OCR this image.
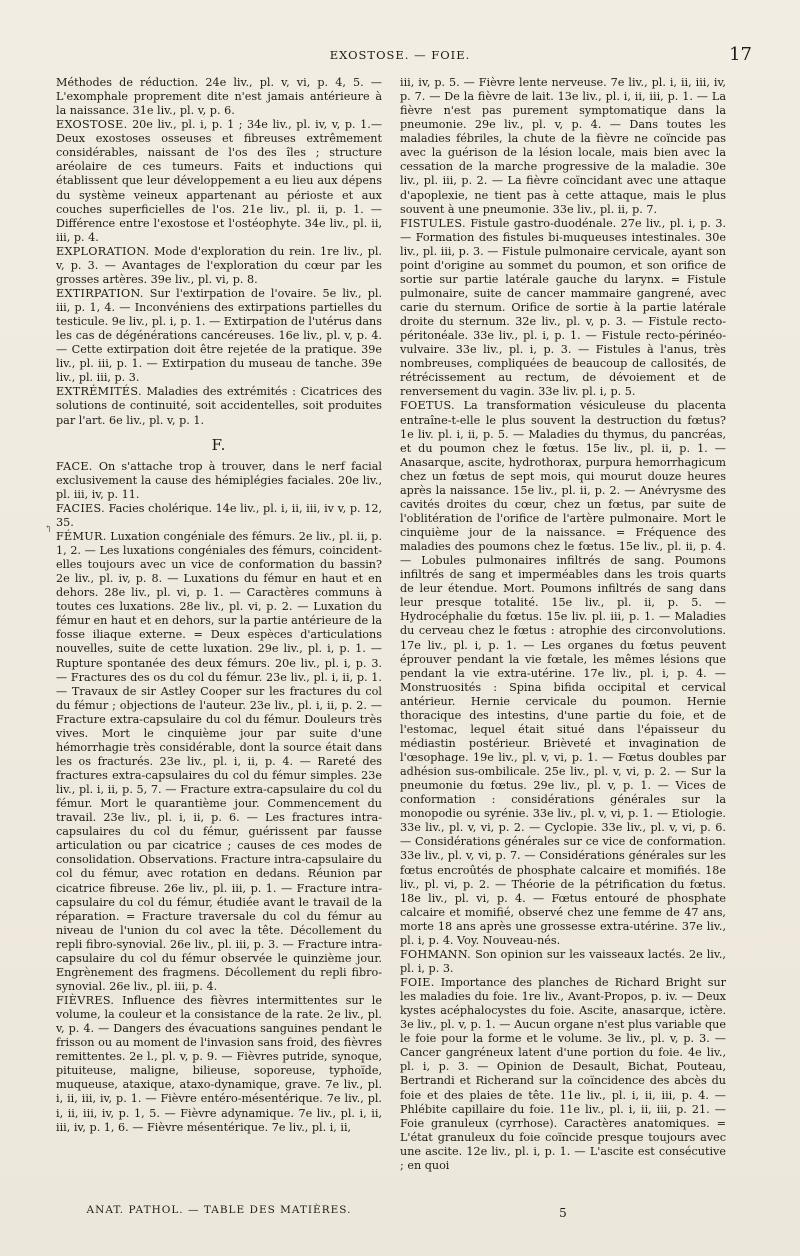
EXOSTOSE. — FOIE.	17

Méthodes de réduction. 24e liv., pl. v, vi, p. 4, 5. — L'exomphale proprement dite n'est jamais antérieure à la naissance. 31e liv., pl. v, p. 6.

EXOSTOSE. 20e liv., pl. i, p. 1 ; 34e liv., pl. iv, v, p. 1.— Deux exostoses osseuses et fibreuses extrêmement considérables, naissant de l'os des îles ; structure aréolaire de ces tumeurs. Faits et inductions qui établissent que leur développement a eu lieu aux dépens du système veineux appartenant au périoste et aux couches superficielles de l'os. 21e liv., pl. ii, p. 1. — Différence entre l'exostose et l'ostéophyte. 34e liv., pl. ii, iii, p. 4.

EXPLORATION. Mode d'exploration du rein. 1re liv., pl. v, p. 3. — Avantages de l'exploration du cœur par les grosses artères. 39e liv., pl. vi, p. 8.

EXTIRPATION. Sur l'extirpation de l'ovaire. 5e liv., pl. iii, p. 1, 4. — Inconvéniens des extirpations partielles du testicule. 9e liv., pl. i, p. 1. — Extirpation de l'utérus dans les cas de dégénérations cancéreuses. 16e liv., pl. v, p. 4. — Cette extirpation doit être rejetée de la pratique. 39e liv., pl. iii, p. 1. — Extirpation du museau de tanche. 39e liv., pl. iii, p. 3.

EXTRÉMITÉS. Maladies des extrémités : Cicatrices des solutions de continuité, soit accidentelles, soit produites par l'art. 6e liv., pl. v, p. 1.

F.

FACE. On s'attache trop à trouver, dans le nerf facial exclusivement la cause des hémiplégies faciales. 20e liv., pl. iii, iv, p. 11.

FACIES. Facies cholérique. 14e liv., pl. i, ii, iii, iv v, p. 12, 35.

FÉMUR. Luxation congéniale des fémurs. 2e liv., pl. ii, p. 1, 2. — Les luxations congéniales des fémurs, coincident-elles toujours avec un vice de conformation du bassin? 2e liv., pl. iv, p. 8. — Luxations du fémur en haut et en dehors. 28e liv., pl. vi, p. 1. — Caractères communs à toutes ces luxations. 28e liv., pl. vi, p. 2. — Luxation du fémur en haut et en dehors, sur la partie antérieure de la fosse iliaque externe. = Deux espèces d'articulations nouvelles, suite de cette luxation. 29e liv., pl. i, p. 1. — Rupture spontanée des deux fémurs. 20e liv., pl. i, p. 3. — Fractures des os du col du fémur. 23e liv., pl. i, ii, p. 1. — Travaux de sir Astley Cooper sur les fractures du col du fémur ; objections de l'auteur. 23e liv., pl. i, ii, p. 2. — Fracture extra-capsulaire du col du fémur. Douleurs très vives. Mort le cinquième jour par suite d'une hémorrhagie très considérable, dont la source était dans les os fracturés. 23e liv., pl. i, ii, p. 4. — Rareté des fractures extra-capsulaires du col du fémur simples. 23e liv., pl. i, ii, p. 5, 7. — Fracture extra-capsulaire du col du fémur. Mort le quarantième jour. Commencement du travail. 23e liv., pl. i, ii, p. 6. — Les fractures intra-capsulaires du col du fémur, guérissent par fausse articulation ou par cicatrice ; causes de ces modes de consolidation. Observations. Fracture intra-capsulaire du col du fémur, avec rotation en dedans. Réunion par cicatrice fibreuse. 26e liv., pl. iii, p. 1. — Fracture intra-capsulaire du col du fémur, étudiée avant le travail de la réparation. = Fracture traversale du col du fémur au niveau de l'union du col avec la tête. Décollement du repli fibro-synovial. 26e liv., pl. iii, p. 3. — Fracture intra-capsulaire du col du fémur observée le quinzième jour. Engrènement des fragmens. Décollement du repli fibro-synovial. 26e liv., pl. iii, p. 4.

FIÈVRES. Influence des fièvres intermittentes sur le volume, la couleur et la consistance de la rate. 2e liv., pl. v, p. 4. — Dangers des évacuations sanguines pendant le frisson ou au moment de l'invasion sans froid, des fièvres remittentes. 2e l., pl. v, p. 9. — Fièvres putride, synoque, pituiteuse, maligne, bilieuse, soporeuse, typhoïde, muqueuse, ataxique, ataxo-dynamique, grave. 7e liv., pl. i, ii, iii, iv, p. 1. — Fièvre entéro-mésentérique. 7e liv., pl. i, ii, iii, iv, p. 1, 5. — Fièvre adynamique. 7e liv., pl. i, ii, iii, iv, p. 1, 6. — Fièvre mésentérique. 7e liv., pl. i, ii,

iii, iv, p. 5. — Fièvre lente nerveuse. 7e liv., pl. i, ii, iii, iv, p. 7. — De la fièvre de lait. 13e liv., pl. i, ii, iii, p. 1. — La fièvre n'est pas purement symptomatique dans la pneumonie. 29e liv., pl. v, p. 4. — Dans toutes les maladies fébriles, la chute de la fièvre ne coïncide pas avec la guérison de la lésion locale, mais bien avec la cessation de la marche progressive de la maladie. 30e liv., pl. iii, p. 2. — La fièvre coïncidant avec une attaque d'apoplexie, ne tient pas à cette attaque, mais le plus souvent à une pneumonie. 33e liv., pl. ii, p. 7.

FISTULES. Fistule gastro-duodénale. 27e liv., pl. i, p. 3. — Formation des fistules bi-muqueuses intestinales. 30e liv., pl. iii, p. 3. — Fistule pulmonaire cervicale, ayant son point d'origine au sommet du poumon, et son orifice de sortie sur partie latérale gauche du larynx. = Fistule pulmonaire, suite de cancer mammaire gangrené, avec carie du sternum. Orifice de sortie à la partie latérale droite du sternum. 32e liv., pl. v, p. 3. — Fistule recto-péritonéale. 33e liv., pl. i, p. 1. — Fistule recto-périnéo-vulvaire. 33e liv., pl. i, p. 3. — Fistules à l'anus, très nombreuses, compliquées de beaucoup de callosités, de rétrécissement au rectum, de dévoiement et de renversement du vagin. 33e liv. pl. i, p. 5.

FOETUS. La transformation vésiculeuse du placenta entraîne-t-elle le plus souvent la destruction du fœtus? 1e liv. pl. i, ii, p. 5. — Maladies du thymus, du pancréas, et du poumon chez le fœtus. 15e liv., pl. ii, p. 1. — Anasarque, ascite, hydrothorax, purpura hemorrhagicum chez un fœtus de sept mois, qui mourut douze heures après la naissance. 15e liv., pl. ii, p. 2. — Anévrysme des cavités droites du cœur, chez un fœtus, par suite de l'oblitération de l'orifice de l'artère pulmonaire. Mort le cinquième jour de la naissance. = Fréquence des maladies des poumons chez le fœtus. 15e liv., pl. ii, p. 4. — Lobules pulmonaires infiltrés de sang. Poumons infiltrés de sang et imperméables dans les trois quarts de leur étendue. Mort. Poumons infiltrés de sang dans leur presque totalité. 15e liv., pl. ii, p. 5. — Hydrocéphalie du fœtus. 15e liv. pl. iii, p. 1. — Maladies du cerveau chez le fœtus : atrophie des circonvolutions. 17e liv., pl. i, p. 1. — Les organes du fœtus peuvent éprouver pendant la vie fœtale, les mêmes lésions que pendant la vie extra-utérine. 17e liv., pl. i, p. 4. — Monstruosités : Spina bifida occipital et cervical antérieur. Hernie cervicale du poumon. Hernie thoracique des intestins, d'une partie du foie, et de l'estomac, lequel était situé dans l'épaisseur du médiastin postérieur. Brièveté et invagination de l'œsophage. 19e liv., pl. v, vi, p. 1. — Fœtus doubles par adhésion sus-ombilicale. 25e liv., pl. v, vi, p. 2. — Sur la pneumonie du fœtus. 29e liv., pl. v, p. 1. — Vices de conformation : considérations générales sur la monopodie ou syrénie. 33e liv., pl. v, vi, p. 1. — Etiologie. 33e liv., pl. v, vi, p. 2. — Cyclopie. 33e liv., pl. v, vi, p. 6. — Considérations générales sur ce vice de conformation. 33e liv., pl. v, vi, p. 7. — Considérations générales sur les fœtus encroûtés de phosphate calcaire et momifiés. 18e liv., pl. vi, p. 2. — Théorie de la pétrification du fœtus. 18e liv., pl. vi, p. 4. — Fœtus entouré de phosphate calcaire et momifié, observé chez une femme de 47 ans, morte 18 ans après une grossesse extra-utérine. 37e liv., pl. i, p. 4. Voy. Nouveau-nés.

FOHMANN. Son opinion sur les vaisseaux lactés. 2e liv., pl. i, p. 3.

FOIE. Importance des planches de Richard Bright sur les maladies du foie. 1re liv., Avant-Propos, p. iv. — Deux kystes acéphalocystes du foie. Ascite, anasarque, ictère. 3e liv., pl. v, p. 1. — Aucun organe n'est plus variable que le foie pour la forme et le volume. 3e liv., pl. v, p. 3. — Cancer gangréneux latent d'une portion du foie. 4e liv., pl. i, p. 3. — Opinion de Desault, Bichat, Pouteau, Bertrandi et Richerand sur la coïncidence des abcès du foie et des plaies de tête. 11e liv., pl. i, ii, iii, p. 4. — Phlébite capillaire du foie. 11e liv., pl. i, ii, iii, p. 21. — Foie granuleux (cyrrhose). Caractères anatomiques. = L'état granuleux du foie coïncide presque toujours avec une ascite. 12e liv., pl. i, p. 1. — L'ascite est consécutive ; en quoi

↰
ANAT. PATHOL. — TABLE DES MATIÈRES.	5
